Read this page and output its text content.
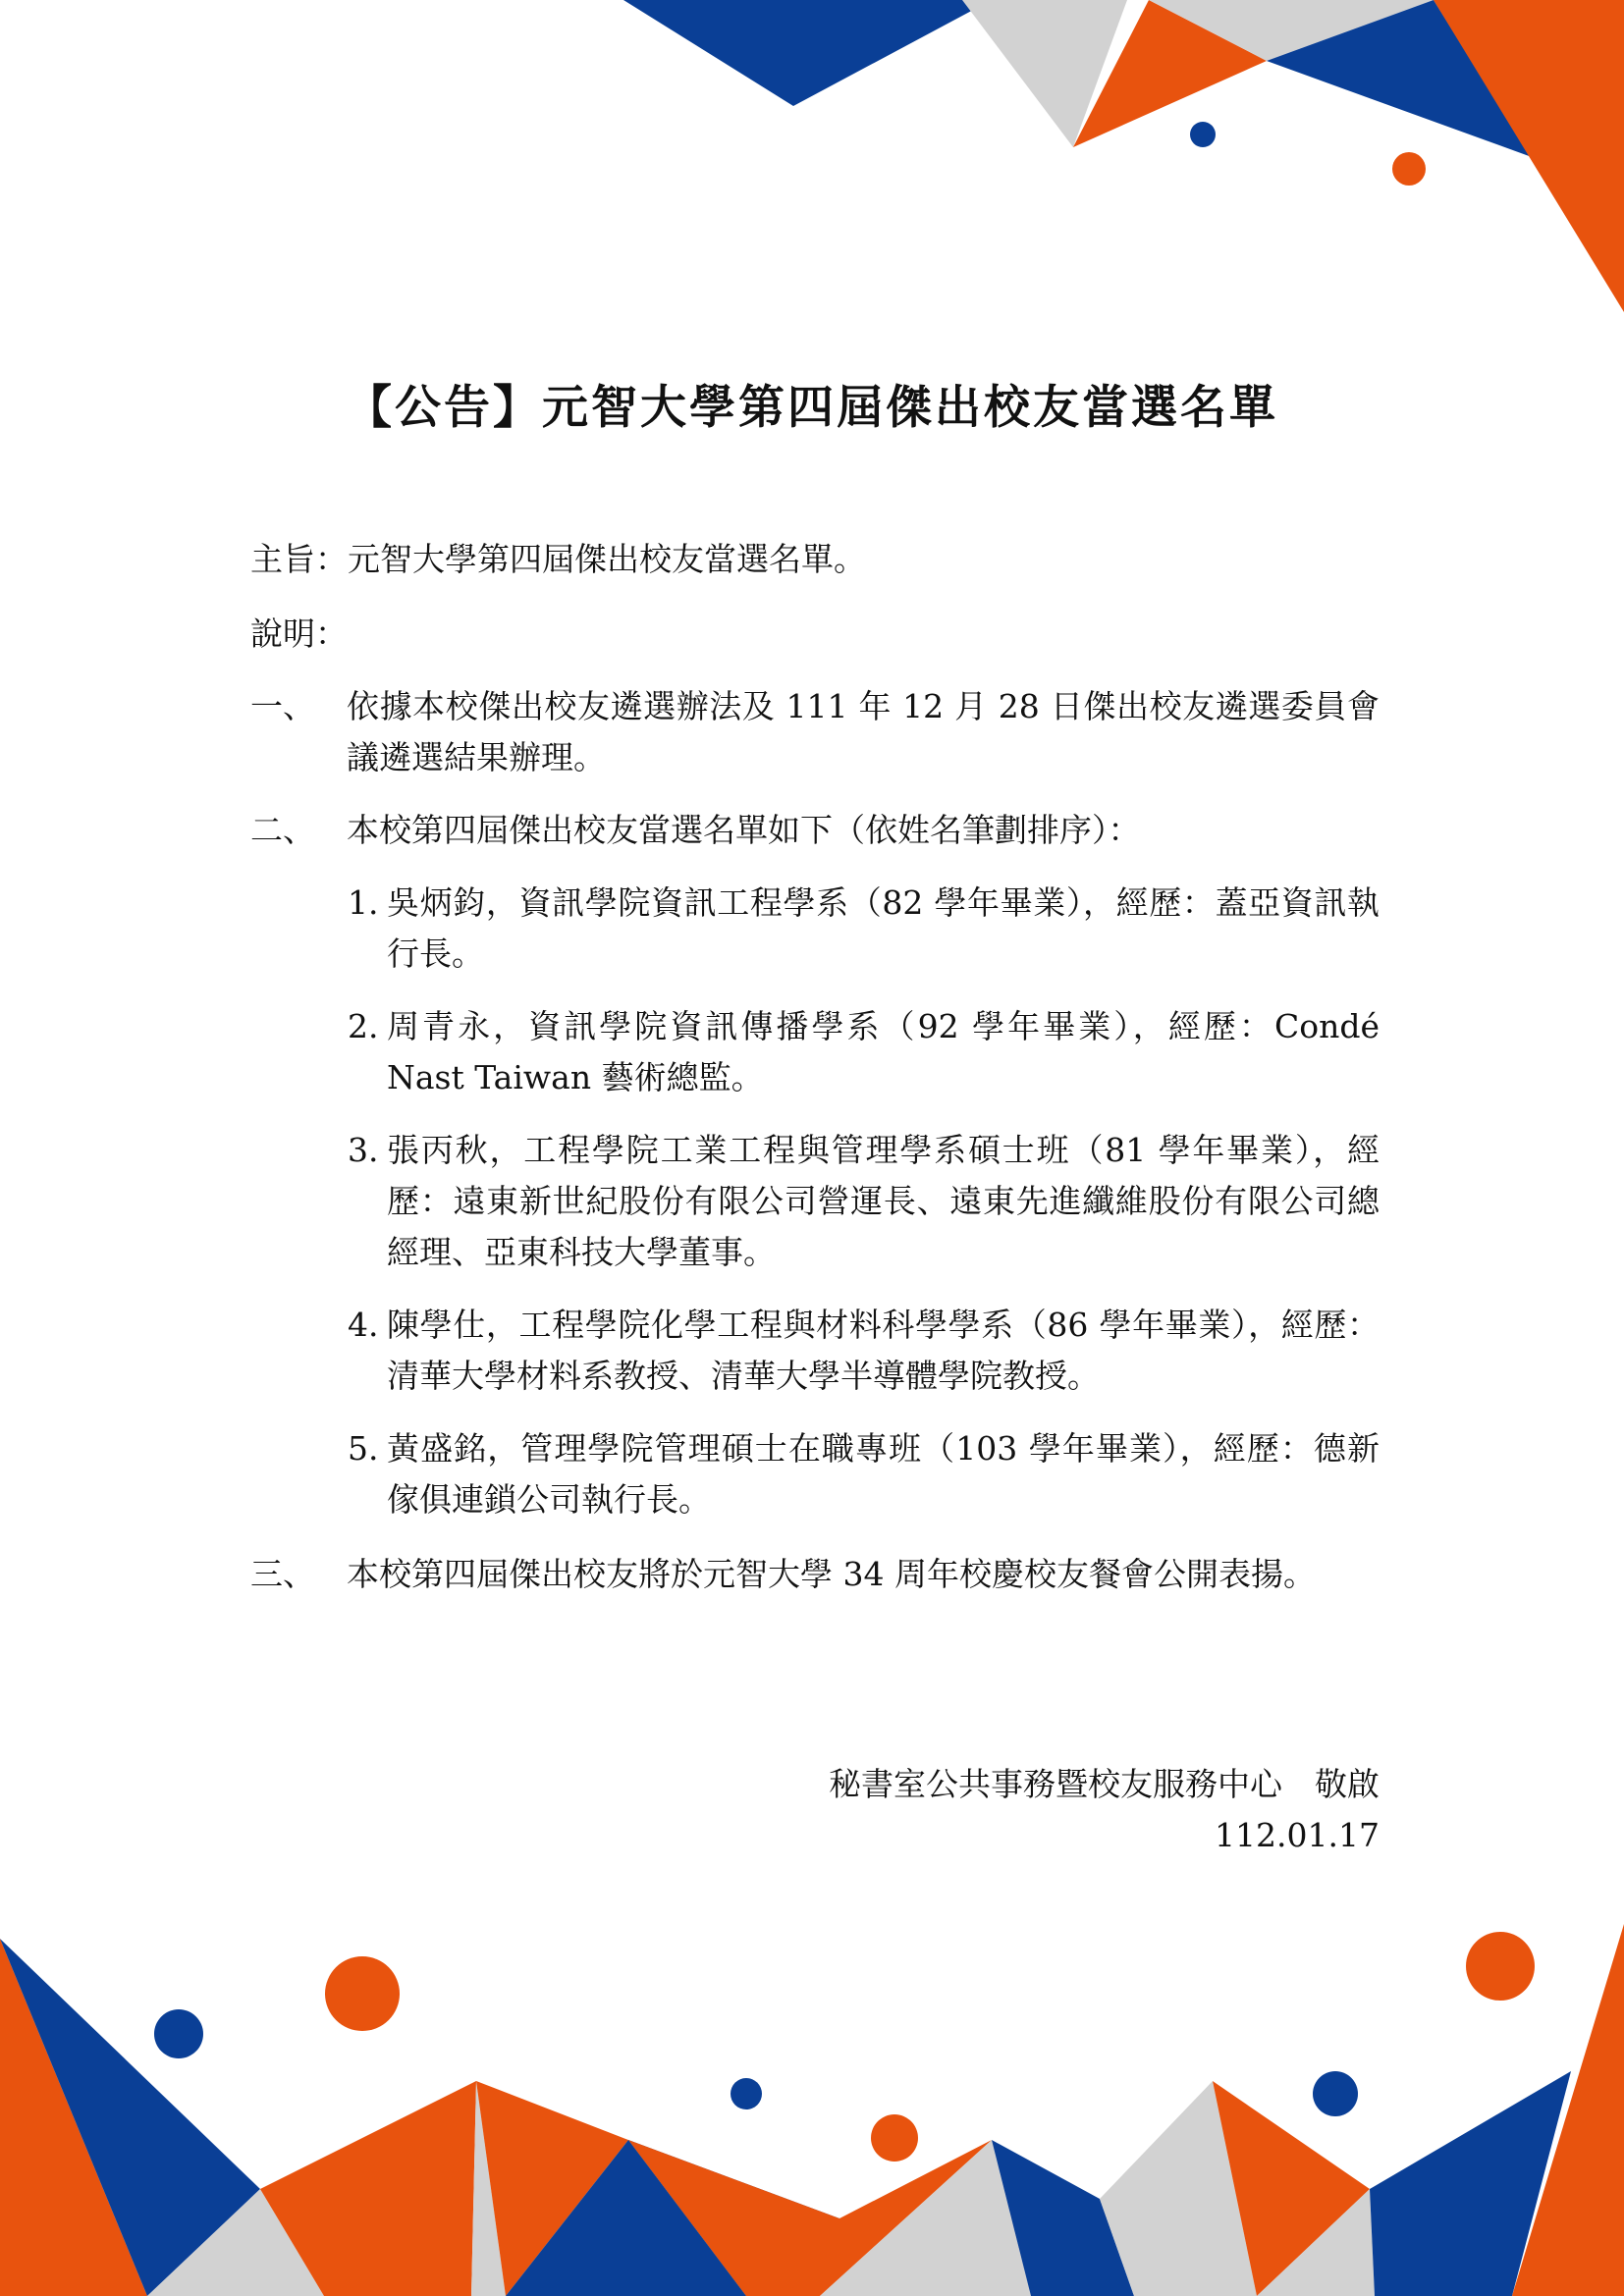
【公告】元智大學第四屆傑出校友當選名單
主旨：元智大學第四屆傑出校友當選名單。
說明：
一、 依據本校傑出校友遴選辦法及 111 年 12 月 28 日傑出校友遴選委員會議遴選結果辦理。
二、 本校第四屆傑出校友當選名單如下（依姓名筆劃排序）：
1. 吳炳鈞，資訊學院資訊工程學系（82 學年畢業），經歷：蓋亞資訊執行長。
2. 周青永，資訊學院資訊傳播學系（92 學年畢業），經歷：Condé Nast Taiwan 藝術總監。
3. 張丙秋，工程學院工業工程與管理學系碩士班（81 學年畢業），經歷：遠東新世紀股份有限公司營運長、遠東先進纖維股份有限公司總經理、亞東科技大學董事。
4. 陳學仕，工程學院化學工程與材料科學學系（86 學年畢業），經歷：清華大學材料系教授、清華大學半導體學院教授。
5. 黃盛銘，管理學院管理碩士在職專班（103 學年畢業），經歷：德新傢俱連鎖公司執行長。
三、 本校第四屆傑出校友將於元智大學 34 周年校慶校友餐會公開表揚。
秘書室公共事務暨校友服務中心　敬啟
112.01.17
